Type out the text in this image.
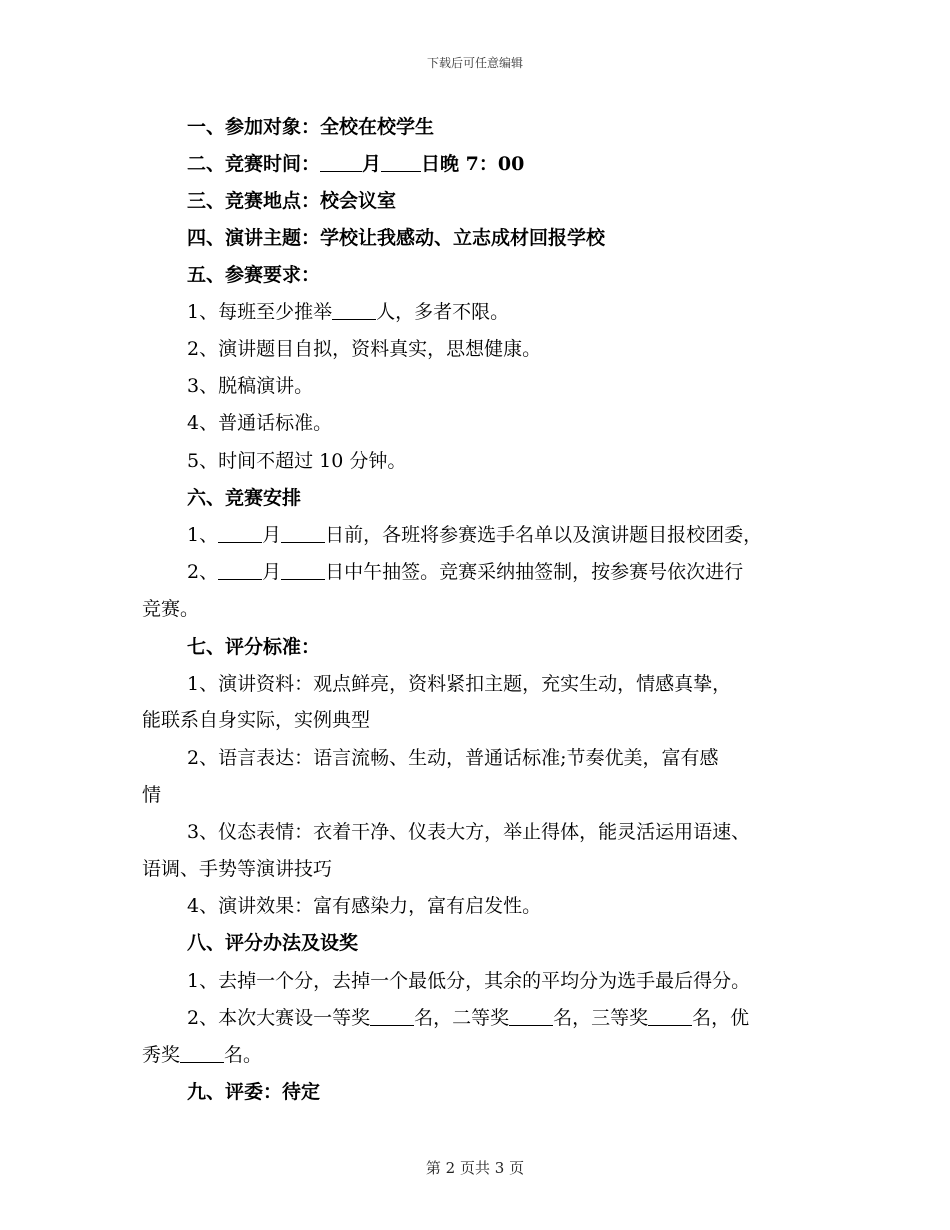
下载后可任意编辑
一、参加对象：全校在校学生
二、竞赛时间： 月 日晚 7：00
三、竞赛地点：校会议室
四、演讲主题：学校让我感动、立志成材回报学校
五、参赛要求：
1、每班至少推举 人，多者不限。
2、演讲题目自拟，资料真实，思想健康。
3、脱稿演讲。
4、普通话标准。
5、时间不超过 10 分钟。
六、竞赛安排
1、 月 日前，各班将参赛选手名单以及演讲题目报校团委，
2、 月 日中午抽签。竞赛采纳抽签制，按参赛号依次进行
竞赛。
七、评分标准：
1、演讲资料：观点鲜亮，资料紧扣主题，充实生动，情感真挚，
能联系自身实际，实例典型
2、语言表达：语言流畅、生动，普通话标准;节奏优美，富有感
情
3、仪态表情：衣着干净、仪表大方，举止得体，能灵活运用语速、
语调、手势等演讲技巧
4、演讲效果：富有感染力，富有启发性。
八、评分办法及设奖
1、去掉一个分，去掉一个最低分，其余的平均分为选手最后得分。
2、本次大赛设一等奖 名，二等奖 名，三等奖 名，优
秀奖 名。
九、评委：待定
第 2 页共 3 页
